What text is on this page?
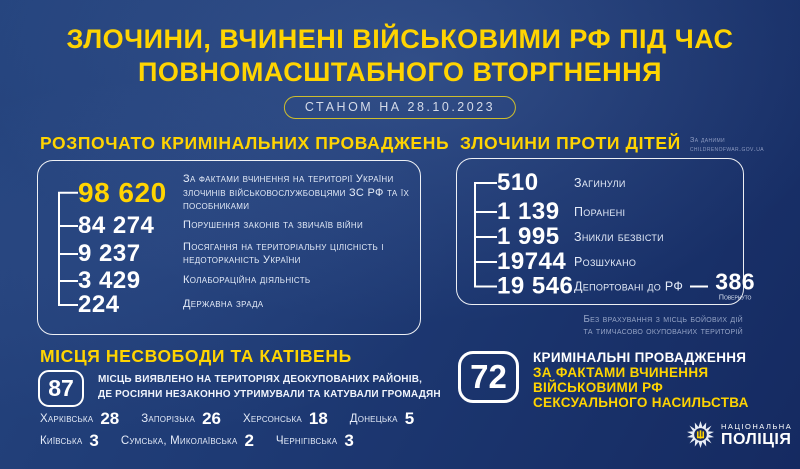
ЗЛОЧИНИ, ВЧИНЕНІ ВІЙСЬКОВИМИ РФ ПІД ЧАС
ПОВНОМАСШТАБНОГО ВТОРГНЕННЯ
СТАНОМ НА 28.10.2023
РОЗПОЧАТО КРИМІНАЛЬНИХ ПРОВАДЖЕНЬ
98 620	За фактами вчинення на території України злочинів військовослужбовцями ЗС РФ та їх пособниками
84 274	Порушення законів та звичаїв війни
9 237	Посягання на територіальну цілісність і недоторканість України
3 429	Колабораційна діяльність
224	Державна зрада
ЗЛОЧИНИ ПРОТИ ДІТЕЙ За даними
childrenofwar.gov.ua
510	Загинули
1 139	Поранені
1 995	Зникли безвісти
19744 Розшукано
19 546 Депортовані до РФ 386
Повернуто
Без врахування з місць бойових дій
та тимчасово окупованих територій
МІСЦЯ НЕСВОБОДИ ТА КАТІВЕНЬ
87	МІСЦЬ ВИЯВЛЕНО НА ТЕРИТОРІЯХ ДЕОКУПОВАНИХ РАЙОНІВ,
ДЕ РОСІЯНИ НЕЗАКОННО УТРИМУВАЛИ ТА КАТУВАЛИ ГРОМАДЯН
Харківська 28 Запорізька 26 Херсонська 18 Донецька 5
Київська 3 Сумська, Миколаївська 2 Чернігівська 3
72
КРИМІНАЛЬНІ ПРОВАДЖЕННЯ
ЗА ФАКТАМИ ВЧИНЕННЯ
ВІЙСЬКОВИМИ РФ
СЕКСУАЛЬНОГО НАСИЛЬСТВА
НАЦІОНАЛЬНА
ПОЛІЦІЯ
